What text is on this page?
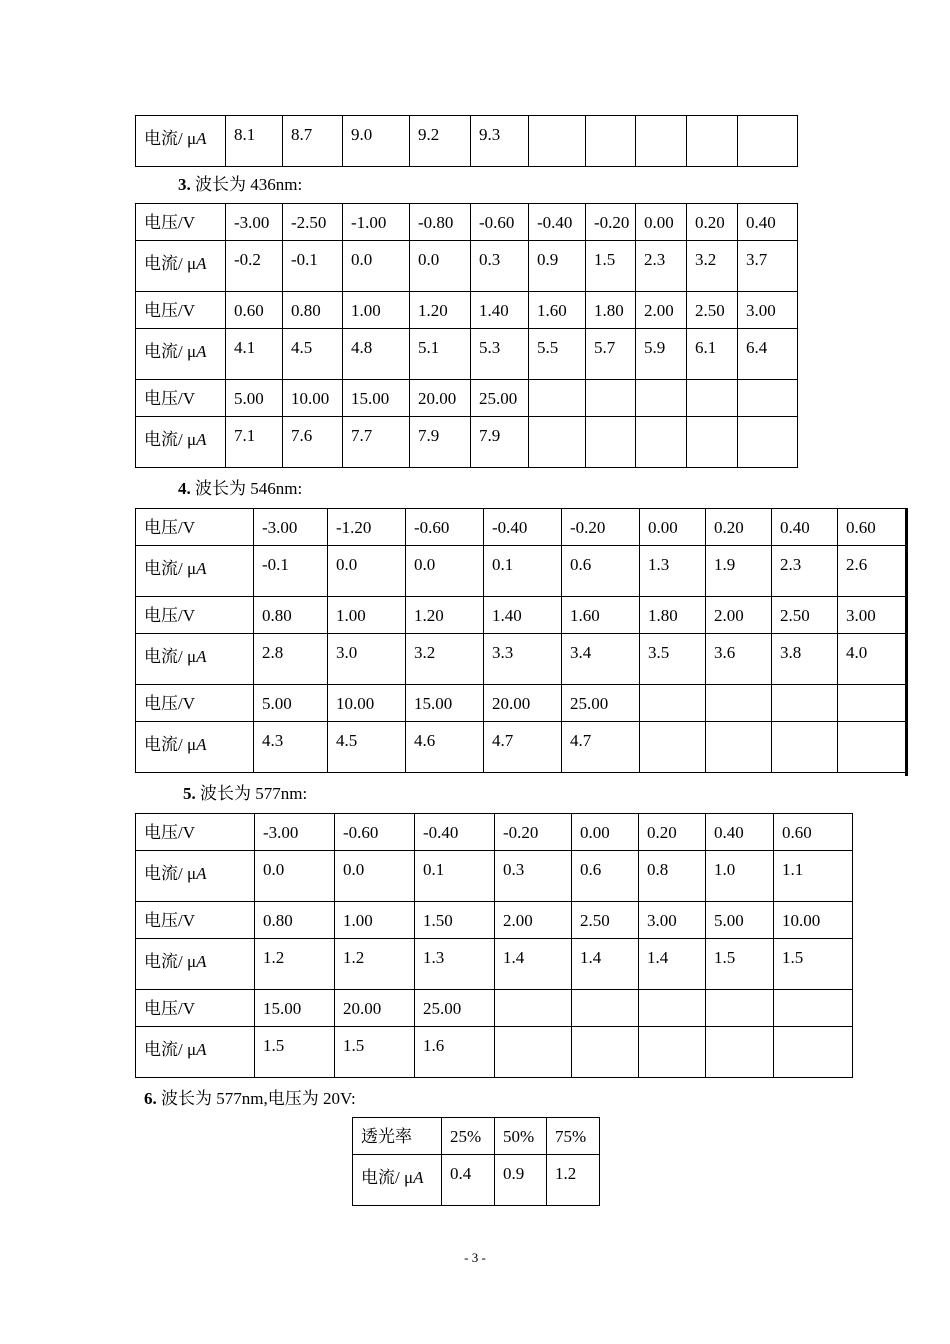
电流/ μA	8.1	8.7	9.0	9.2	9.3					
3. 波长为 436nm:
电压/V	-3.00	-2.50	-1.00	-0.80	-0.60	-0.40	-0.20	0.00	0.20	0.40
电流/ μA	-0.2	-0.1	0.0	0.0	0.3	0.9	1.5	2.3	3.2	3.7
电压/V	0.60	0.80	1.00	1.20	1.40	1.60	1.80	2.00	2.50	3.00
电流/ μA	4.1	4.5	4.8	5.1	5.3	5.5	5.7	5.9	6.1	6.4
电压/V	5.00	10.00	15.00	20.00	25.00					
电流/ μA	7.1	7.6	7.7	7.9	7.9					
4. 波长为 546nm:
电压/V	-3.00	-1.20	-0.60	-0.40	-0.20	0.00	0.20	0.40	0.60
电流/ μA	-0.1	0.0	0.0	0.1	0.6	1.3	1.9	2.3	2.6
电压/V	0.80	1.00	1.20	1.40	1.60	1.80	2.00	2.50	3.00
电流/ μA	2.8	3.0	3.2	3.3	3.4	3.5	3.6	3.8	4.0
电压/V	5.00	10.00	15.00	20.00	25.00				
电流/ μA	4.3	4.5	4.6	4.7	4.7				
5. 波长为 577nm:
电压/V	-3.00	-0.60	-0.40	-0.20	0.00	0.20	0.40	0.60
电流/ μA	0.0	0.0	0.1	0.3	0.6	0.8	1.0	1.1
电压/V	0.80	1.00	1.50	2.00	2.50	3.00	5.00	10.00
电流/ μA	1.2	1.2	1.3	1.4	1.4	1.4	1.5	1.5
电压/V	15.00	20.00	25.00					
电流/ μA	1.5	1.5	1.6					
6. 波长为 577nm,电压为 20V:
透光率	25%	50%	75%
电流/ μA	0.4	0.9	1.2
- 3 -
